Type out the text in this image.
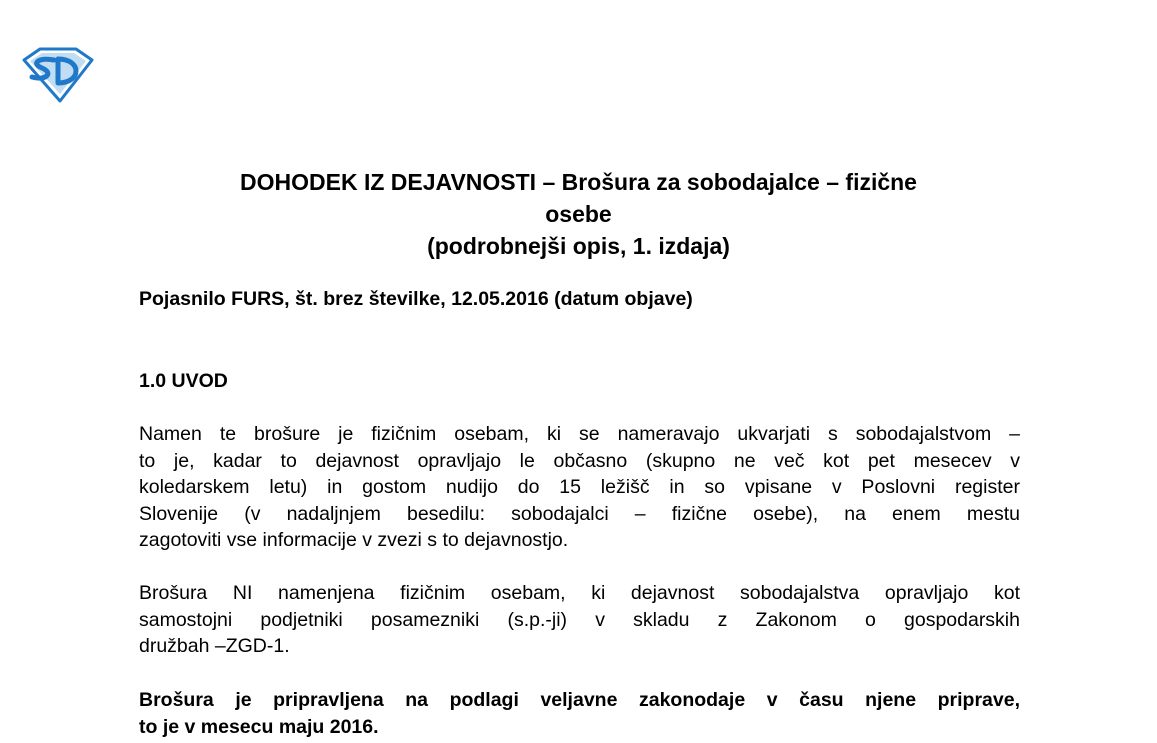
DOHODEK IZ DEJAVNOSTI – Brošura za sobodajalce – fizične
osebe
(podrobnejši opis, 1. izdaja)
Pojasnilo FURS, št. brez številke, 12.05.2016 (datum objave)
1.0 UVOD
Namen te brošure je fizičnim osebam, ki se nameravajo ukvarjati s sobodajalstvom –
to je, kadar to dejavnost opravljajo le občasno (skupno ne več kot pet mesecev v
koledarskem letu) in gostom nudijo do 15 ležišč in so vpisane v Poslovni register
Slovenije (v nadaljnjem besedilu: sobodajalci – fizične osebe), na enem mestu
zagotoviti vse informacije v zvezi s to dejavnostjo.
Brošura NI namenjena fizičnim osebam, ki dejavnost sobodajalstva opravljajo kot
samostojni podjetniki posamezniki (s.p.-ji) v skladu z Zakonom o gospodarskih
družbah –ZGD-1.
Brošura je pripravljena na podlagi veljavne zakonodaje v času njene priprave,
to je v mesecu maju 2016.
